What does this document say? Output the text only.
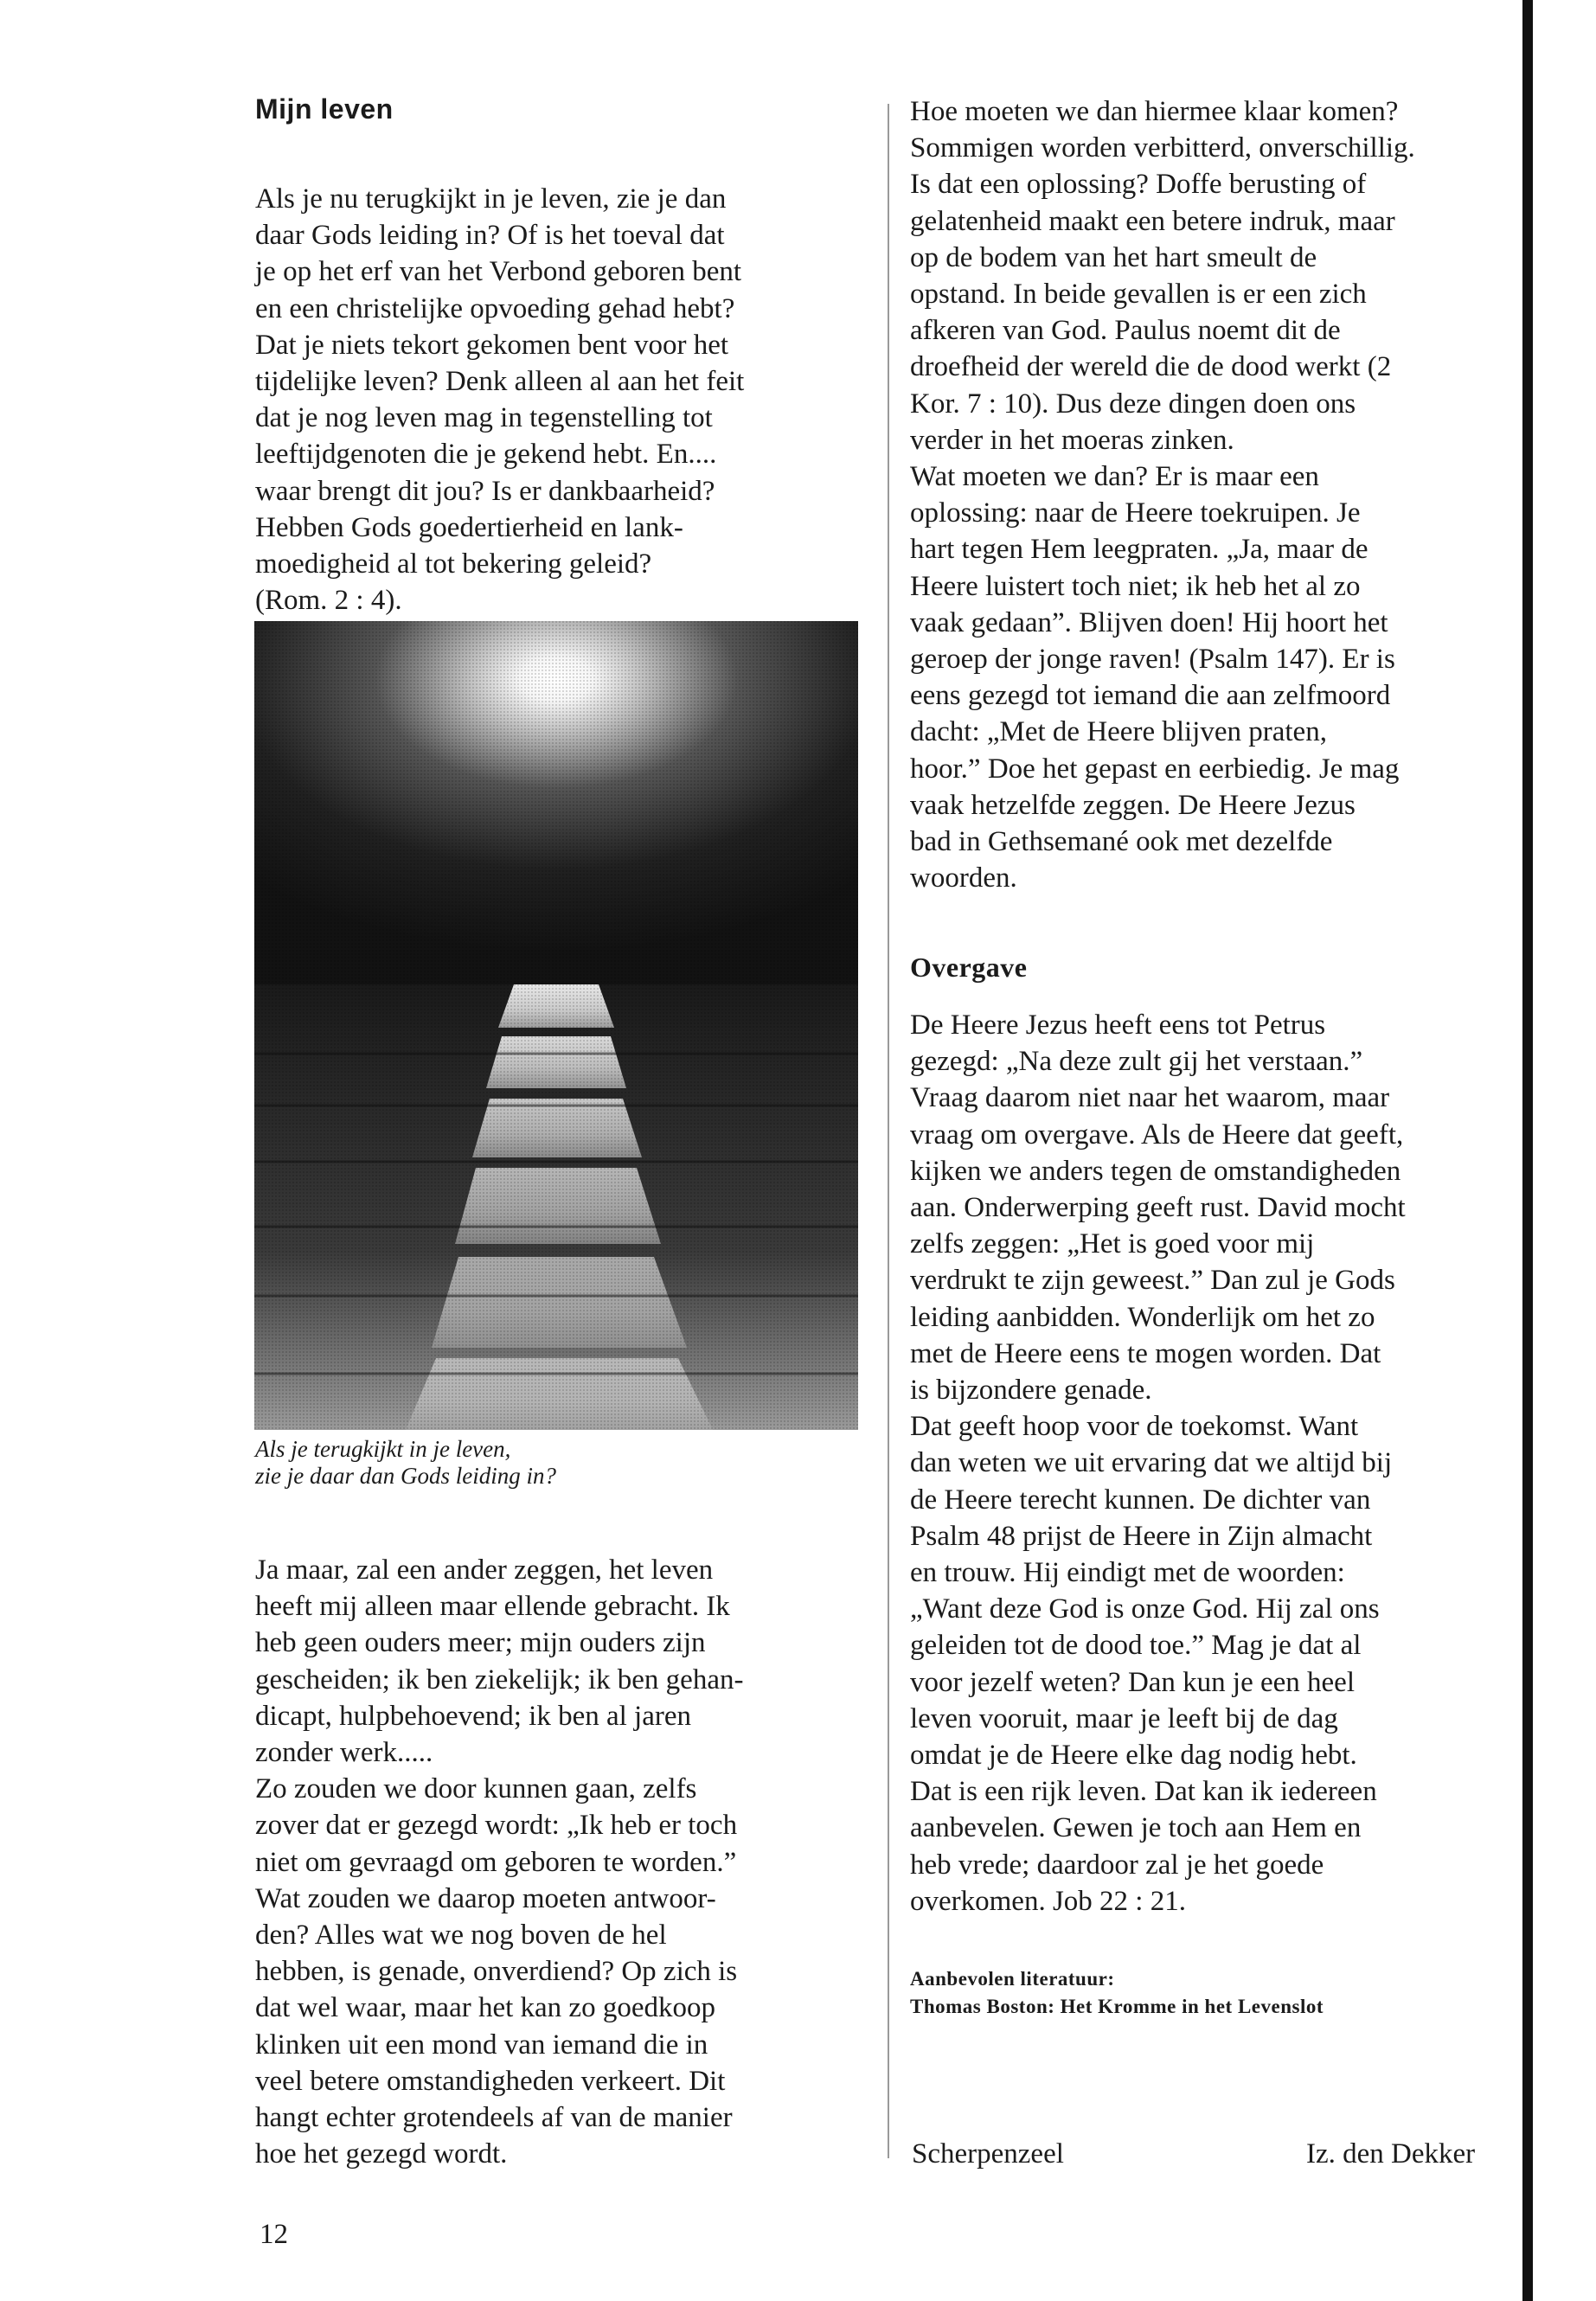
Mijn leven

Als je nu terugkijkt in je leven, zie je dan

daar Gods leiding in? Of is het toeval dat

je op het erf van het Verbond geboren bent

en een christelijke opvoeding gehad hebt?

Dat je niets tekort gekomen bent voor het

tijdelijke leven? Denk alleen al aan het feit

dat je nog leven mag in tegenstelling tot

leeftijdgenoten die je gekend hebt. En....

waar brengt dit jou? Is er dankbaarheid?

Hebben Gods goedertierheid en lank-

moedigheid al tot bekering geleid?

(Rom. 2 : 4).

Als je terugkijkt in je leven,

zie je daar dan Gods leiding in?

Ja maar, zal een ander zeggen, het leven

heeft mij alleen maar ellende gebracht. Ik

heb geen ouders meer; mijn ouders zijn

gescheiden; ik ben ziekelijk; ik ben gehan-

dicapt, hulpbehoevend; ik ben al jaren

zonder werk.....

Zo zouden we door kunnen gaan, zelfs

zover dat er gezegd wordt: „Ik heb er toch

niet om gevraagd om geboren te worden.”

Wat zouden we daarop moeten antwoor-

den? Alles wat we nog boven de hel

hebben, is genade, onverdiend? Op zich is

dat wel waar, maar het kan zo goedkoop

klinken uit een mond van iemand die in

veel betere omstandigheden verkeert. Dit

hangt echter grotendeels af van de manier

hoe het gezegd wordt.

Hoe moeten we dan hiermee klaar komen?

Sommigen worden verbitterd, onverschillig.

Is dat een oplossing? Doffe berusting of

gelatenheid maakt een betere indruk, maar

op de bodem van het hart smeult de

opstand. In beide gevallen is er een zich

afkeren van God. Paulus noemt dit de

droefheid der wereld die de dood werkt (2

Kor. 7 : 10). Dus deze dingen doen ons

verder in het moeras zinken.

Wat moeten we dan? Er is maar een

oplossing: naar de Heere toekruipen. Je

hart tegen Hem leegpraten. „Ja, maar de

Heere luistert toch niet; ik heb het al zo

vaak gedaan”. Blijven doen! Hij hoort het

geroep der jonge raven! (Psalm 147). Er is

eens gezegd tot iemand die aan zelfmoord

dacht: „Met de Heere blijven praten,

hoor.” Doe het gepast en eerbiedig. Je mag

vaak hetzelfde zeggen. De Heere Jezus

bad in Gethsemané ook met dezelfde

woorden.

Overgave

De Heere Jezus heeft eens tot Petrus

gezegd: „Na deze zult gij het verstaan.”

Vraag daarom niet naar het waarom, maar

vraag om overgave. Als de Heere dat geeft,

kijken we anders tegen de omstandigheden

aan. Onderwerping geeft rust. David mocht

zelfs zeggen: „Het is goed voor mij

verdrukt te zijn geweest.” Dan zul je Gods

leiding aanbidden. Wonderlijk om het zo

met de Heere eens te mogen worden. Dat

is bijzondere genade.

Dat geeft hoop voor de toekomst. Want

dan weten we uit ervaring dat we altijd bij

de Heere terecht kunnen. De dichter van

Psalm 48 prijst de Heere in Zijn almacht

en trouw. Hij eindigt met de woorden:

„Want deze God is onze God. Hij zal ons

geleiden tot de dood toe.” Mag je dat al

voor jezelf weten? Dan kun je een heel

leven vooruit, maar je leeft bij de dag

omdat je de Heere elke dag nodig hebt.

Dat is een rijk leven. Dat kan ik iedereen

aanbevelen. Gewen je toch aan Hem en

heb vrede; daardoor zal je het goede

overkomen. Job 22 : 21.

Aanbevolen literatuur:

Thomas Boston: Het Kromme in het Levenslot

Scherpenzeel	Iz. den Dekker

12
